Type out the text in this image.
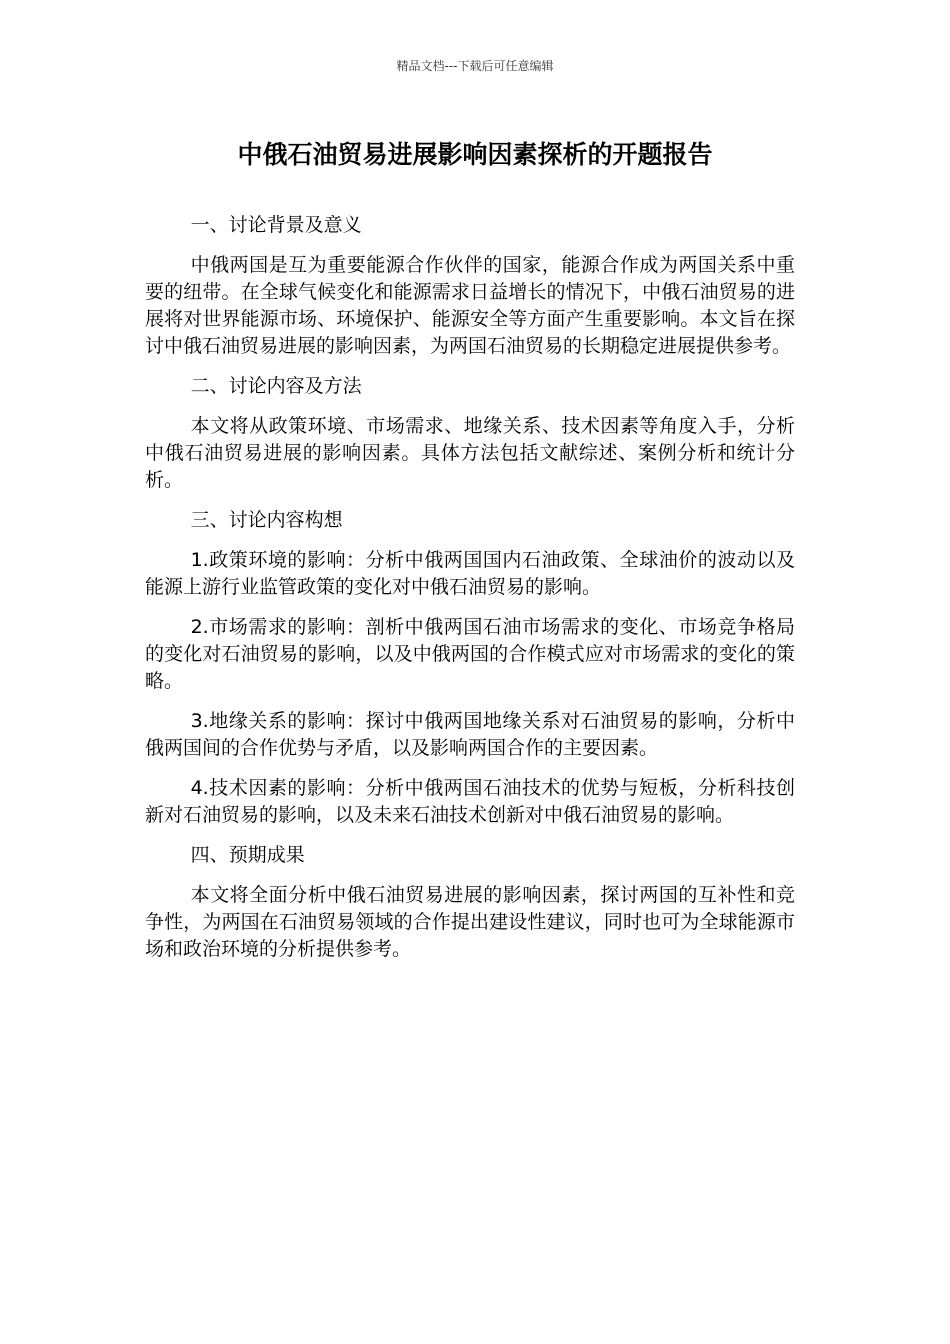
精品文档---下载后可任意编辑
中俄石油贸易进展影响因素探析的开题报告

一、讨论背景及意义

中俄两国是互为重要能源合作伙伴的国家，能源合作成为两国关系中重要的纽带。在全球气候变化和能源需求日益增长的情况下，中俄石油贸易的进展将对世界能源市场、环境保护、能源安全等方面产生重要影响。本文旨在探讨中俄石油贸易进展的影响因素，为两国石油贸易的长期稳定进展提供参考。

二、讨论内容及方法

本文将从政策环境、市场需求、地缘关系、技术因素等角度入手，分析中俄石油贸易进展的影响因素。具体方法包括文献综述、案例分析和统计分析。

三、讨论内容构想

1.政策环境的影响：分析中俄两国国内石油政策、全球油价的波动以及能源上游行业监管政策的变化对中俄石油贸易的影响。

2.市场需求的影响：剖析中俄两国石油市场需求的变化、市场竞争格局的变化对石油贸易的影响，以及中俄两国的合作模式应对市场需求的变化的策略。

3.地缘关系的影响：探讨中俄两国地缘关系对石油贸易的影响，分析中俄两国间的合作优势与矛盾，以及影响两国合作的主要因素。

4.技术因素的影响：分析中俄两国石油技术的优势与短板，分析科技创新对石油贸易的影响，以及未来石油技术创新对中俄石油贸易的影响。

四、预期成果

本文将全面分析中俄石油贸易进展的影响因素，探讨两国的互补性和竞争性，为两国在石油贸易领域的合作提出建设性建议，同时也可为全球能源市场和政治环境的分析提供参考。
